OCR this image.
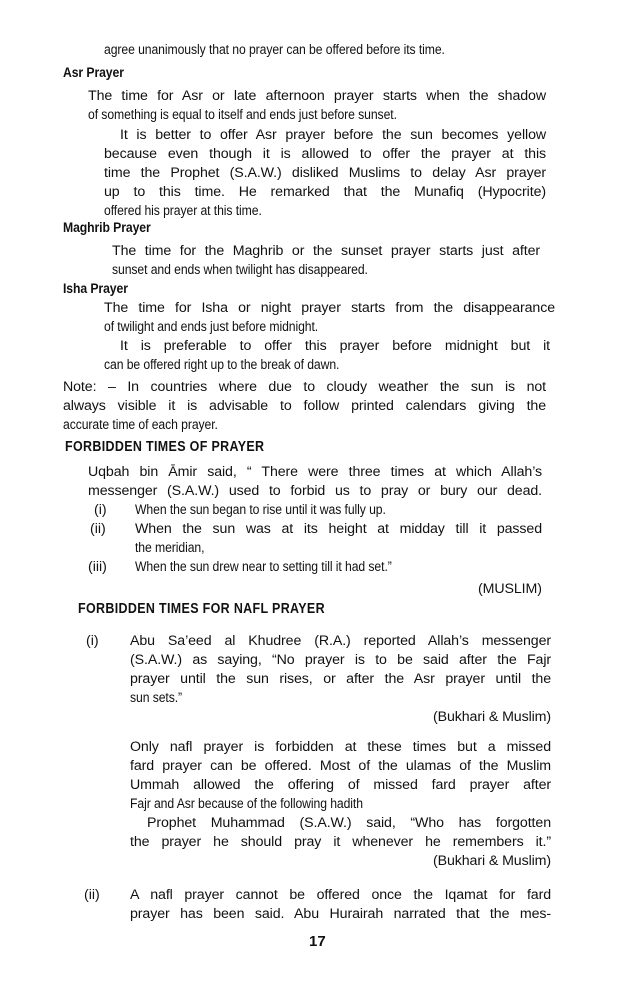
agree unanimously that no prayer can be offered before its time.
Asr Prayer
The time for Asr or late afternoon prayer starts when the shadow
of something is equal to itself and ends just before sunset.
It is better to offer Asr prayer before the sun becomes yellow
because even though it is allowed to offer the prayer at this
time the Prophet (S.A.W.) disliked Muslims to delay Asr prayer
up to this time. He remarked that the Munafiq (Hypocrite)
offered his prayer at this time.
Maghrib Prayer
The time for the Maghrib or the sunset prayer starts just after
sunset and ends when twilight has disappeared.
Isha Prayer
The time for Isha or night prayer starts from the disappearance
of twilight and ends just before midnight.
It is preferable to offer this prayer before midnight but it
can be offered right up to the break of dawn.
Note: – In countries where due to cloudy weather the sun is not
always visible it is advisable to follow printed calendars giving the
accurate time of each prayer.
FORBIDDEN TIMES OF PRAYER
Uqbah bin Āmir said, “ There were three times at which Allah’s
messenger (S.A.W.) used to forbid us to pray or bury our dead.
(i) When the sun began to rise until it was fully up.
(ii) When the sun was at its height at midday till it passed
the meridian,
(iii) When the sun drew near to setting till it had set.”
(MUSLIM)
FORBIDDEN TIMES FOR NAFL PRAYER
(i) Abu Sa’eed al Khudree (R.A.) reported Allah’s messenger
(S.A.W.) as saying, “No prayer is to be said after the Fajr
prayer until the sun rises, or after the Asr prayer until the
sun sets.”
(Bukhari & Muslim)
Only nafl prayer is forbidden at these times but a missed
fard prayer can be offered. Most of the ulamas of the Muslim
Ummah allowed the offering of missed fard prayer after
Fajr and Asr because of the following hadith
Prophet Muhammad (S.A.W.) said, “Who has forgotten
the prayer he should pray it whenever he remembers it.”
(Bukhari & Muslim)
(ii) A nafl prayer cannot be offered once the Iqamat for fard
prayer has been said. Abu Hurairah narrated that the mes-
17
